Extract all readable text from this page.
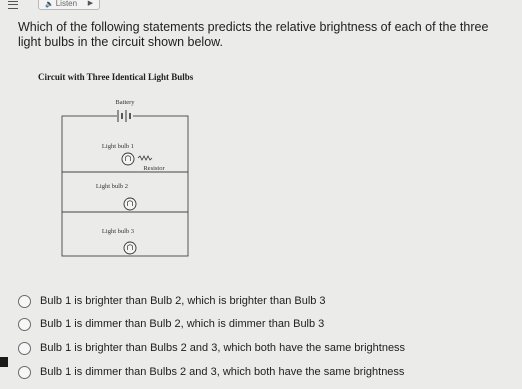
🔈 Listen ▶
Which of the following statements predicts the relative brightness of each of the three light bulbs in the circuit shown below.
Circuit with Three Identical Light Bulbs
Battery
Light bulb 1
Resistor
Light bulb 2
Light bulb 3
Bulb 1 is brighter than Bulb 2, which is brighter than Bulb 3
Bulb 1 is dimmer than Bulb 2, which is dimmer than Bulb 3
Bulb 1 is brighter than Bulbs 2 and 3, which both have the same brightness
Bulb 1 is dimmer than Bulbs 2 and 3, which both have the same brightness
